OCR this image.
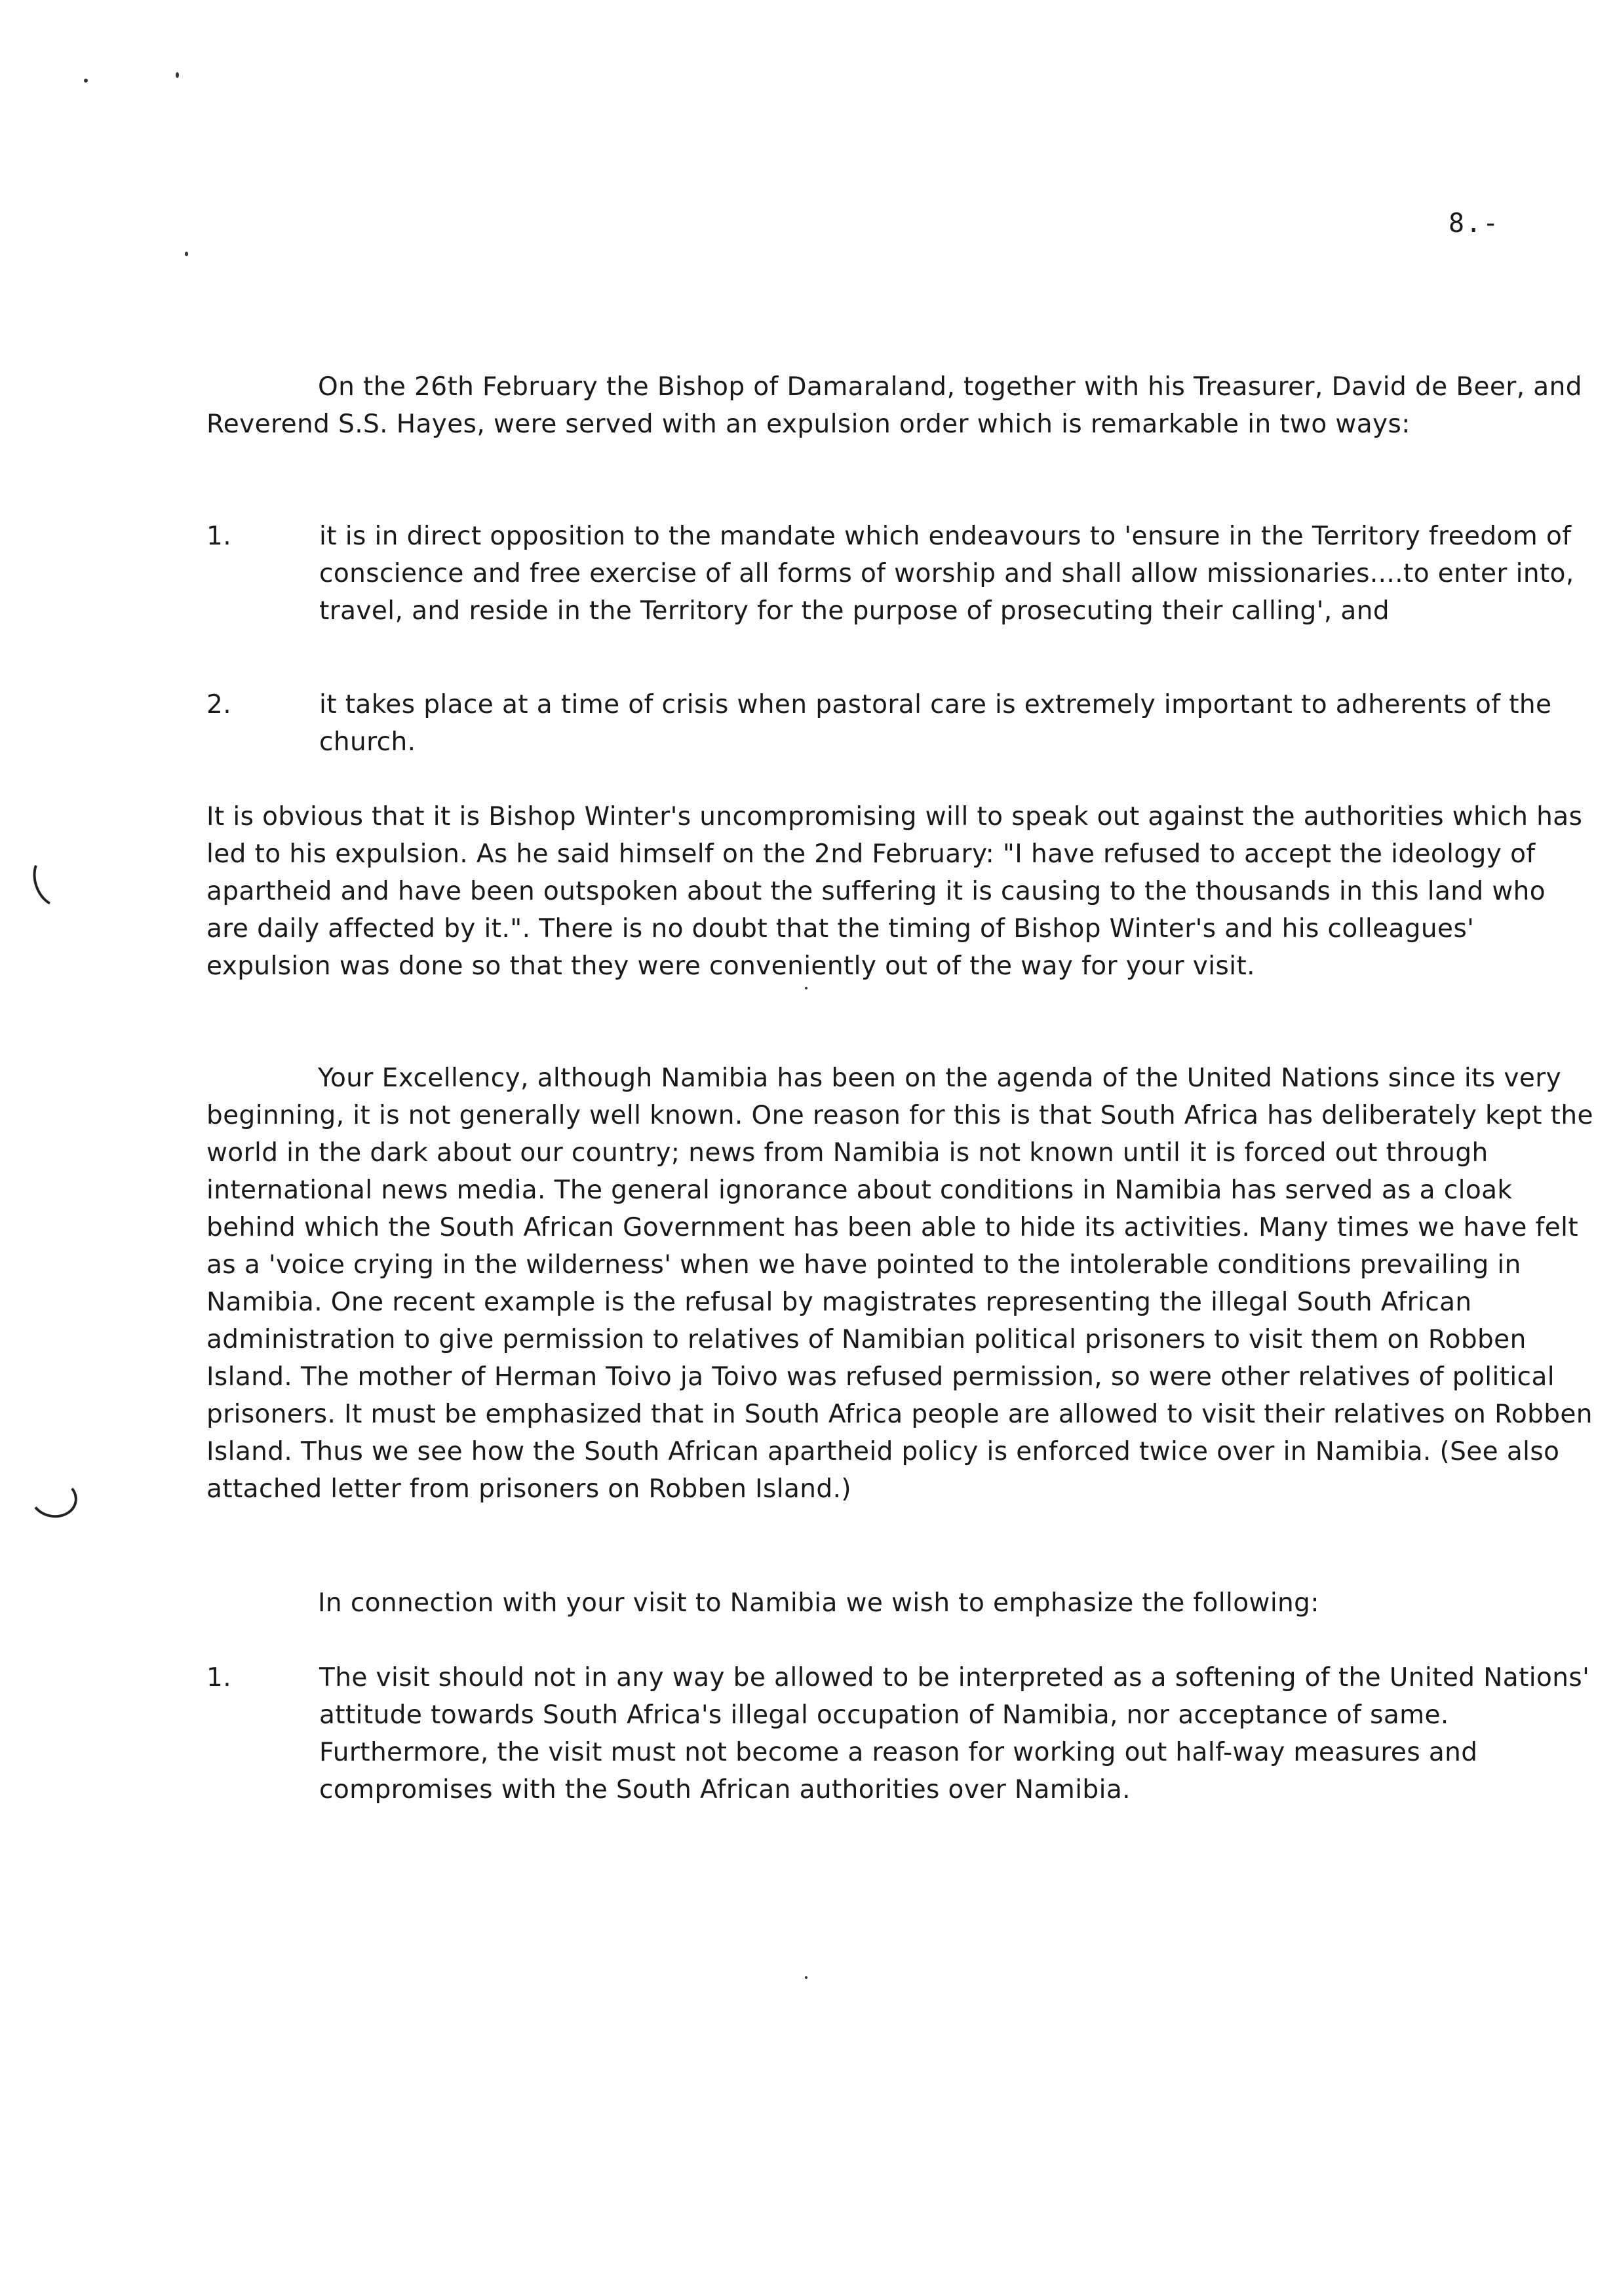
8.-

On the 26th February the Bishop of Damaraland, together with his Treasurer, David de Beer, and Reverend S.S. Hayes, were served with an expulsion order which is remarkable in two ways:

1.	it is in direct opposition to the mandate which endeavours to 'ensure in the Territory freedom of conscience and free exercise of all forms of worship and shall allow missionaries....to enter into, travel, and reside in the Territory for the purpose of prosecuting their calling', and
2.	it takes place at a time of crisis when pastoral care is extremely important to adherents of the church.

It is obvious that it is Bishop Winter's uncompromising will to speak out against the authorities which has led to his expulsion. As he said himself on the 2nd February: "I have refused to accept the ideology of apartheid and have been outspoken about the suffering it is causing to the thousands in this land who are daily affected by it.". There is no doubt that the timing of Bishop Winter's and his colleagues' expulsion was done so that they were conveniently out of the way for your visit.

Your Excellency, although Namibia has been on the agenda of the United Nations since its very beginning, it is not generally well known. One reason for this is that South Africa has deliberately kept the world in the dark about our country; news from Namibia is not known until it is forced out through international news media. The general ignorance about conditions in Namibia has served as a cloak behind which the South African Government has been able to hide its activities. Many times we have felt as a 'voice crying in the wilderness' when we have pointed to the intolerable conditions prevailing in Namibia. One recent example is the refusal by magistrates representing the illegal South African administration to give permission to relatives of Namibian political prisoners to visit them on Robben Island. The mother of Herman Toivo ja Toivo was refused permission, so were other relatives of political prisoners. It must be emphasized that in South Africa people are allowed to visit their relatives on Robben Island. Thus we see how the South African apartheid policy is enforced twice over in Namibia. (See also attached letter from prisoners on Robben Island.)

In connection with your visit to Namibia we wish to emphasize the following:

1.	The visit should not in any way be allowed to be interpreted as a softening of the United Nations' attitude towards South Africa's illegal occupation of Namibia, nor acceptance of same. Furthermore, the visit must not become a reason for working out half-way measures and compromises with the South African authorities over Namibia.
